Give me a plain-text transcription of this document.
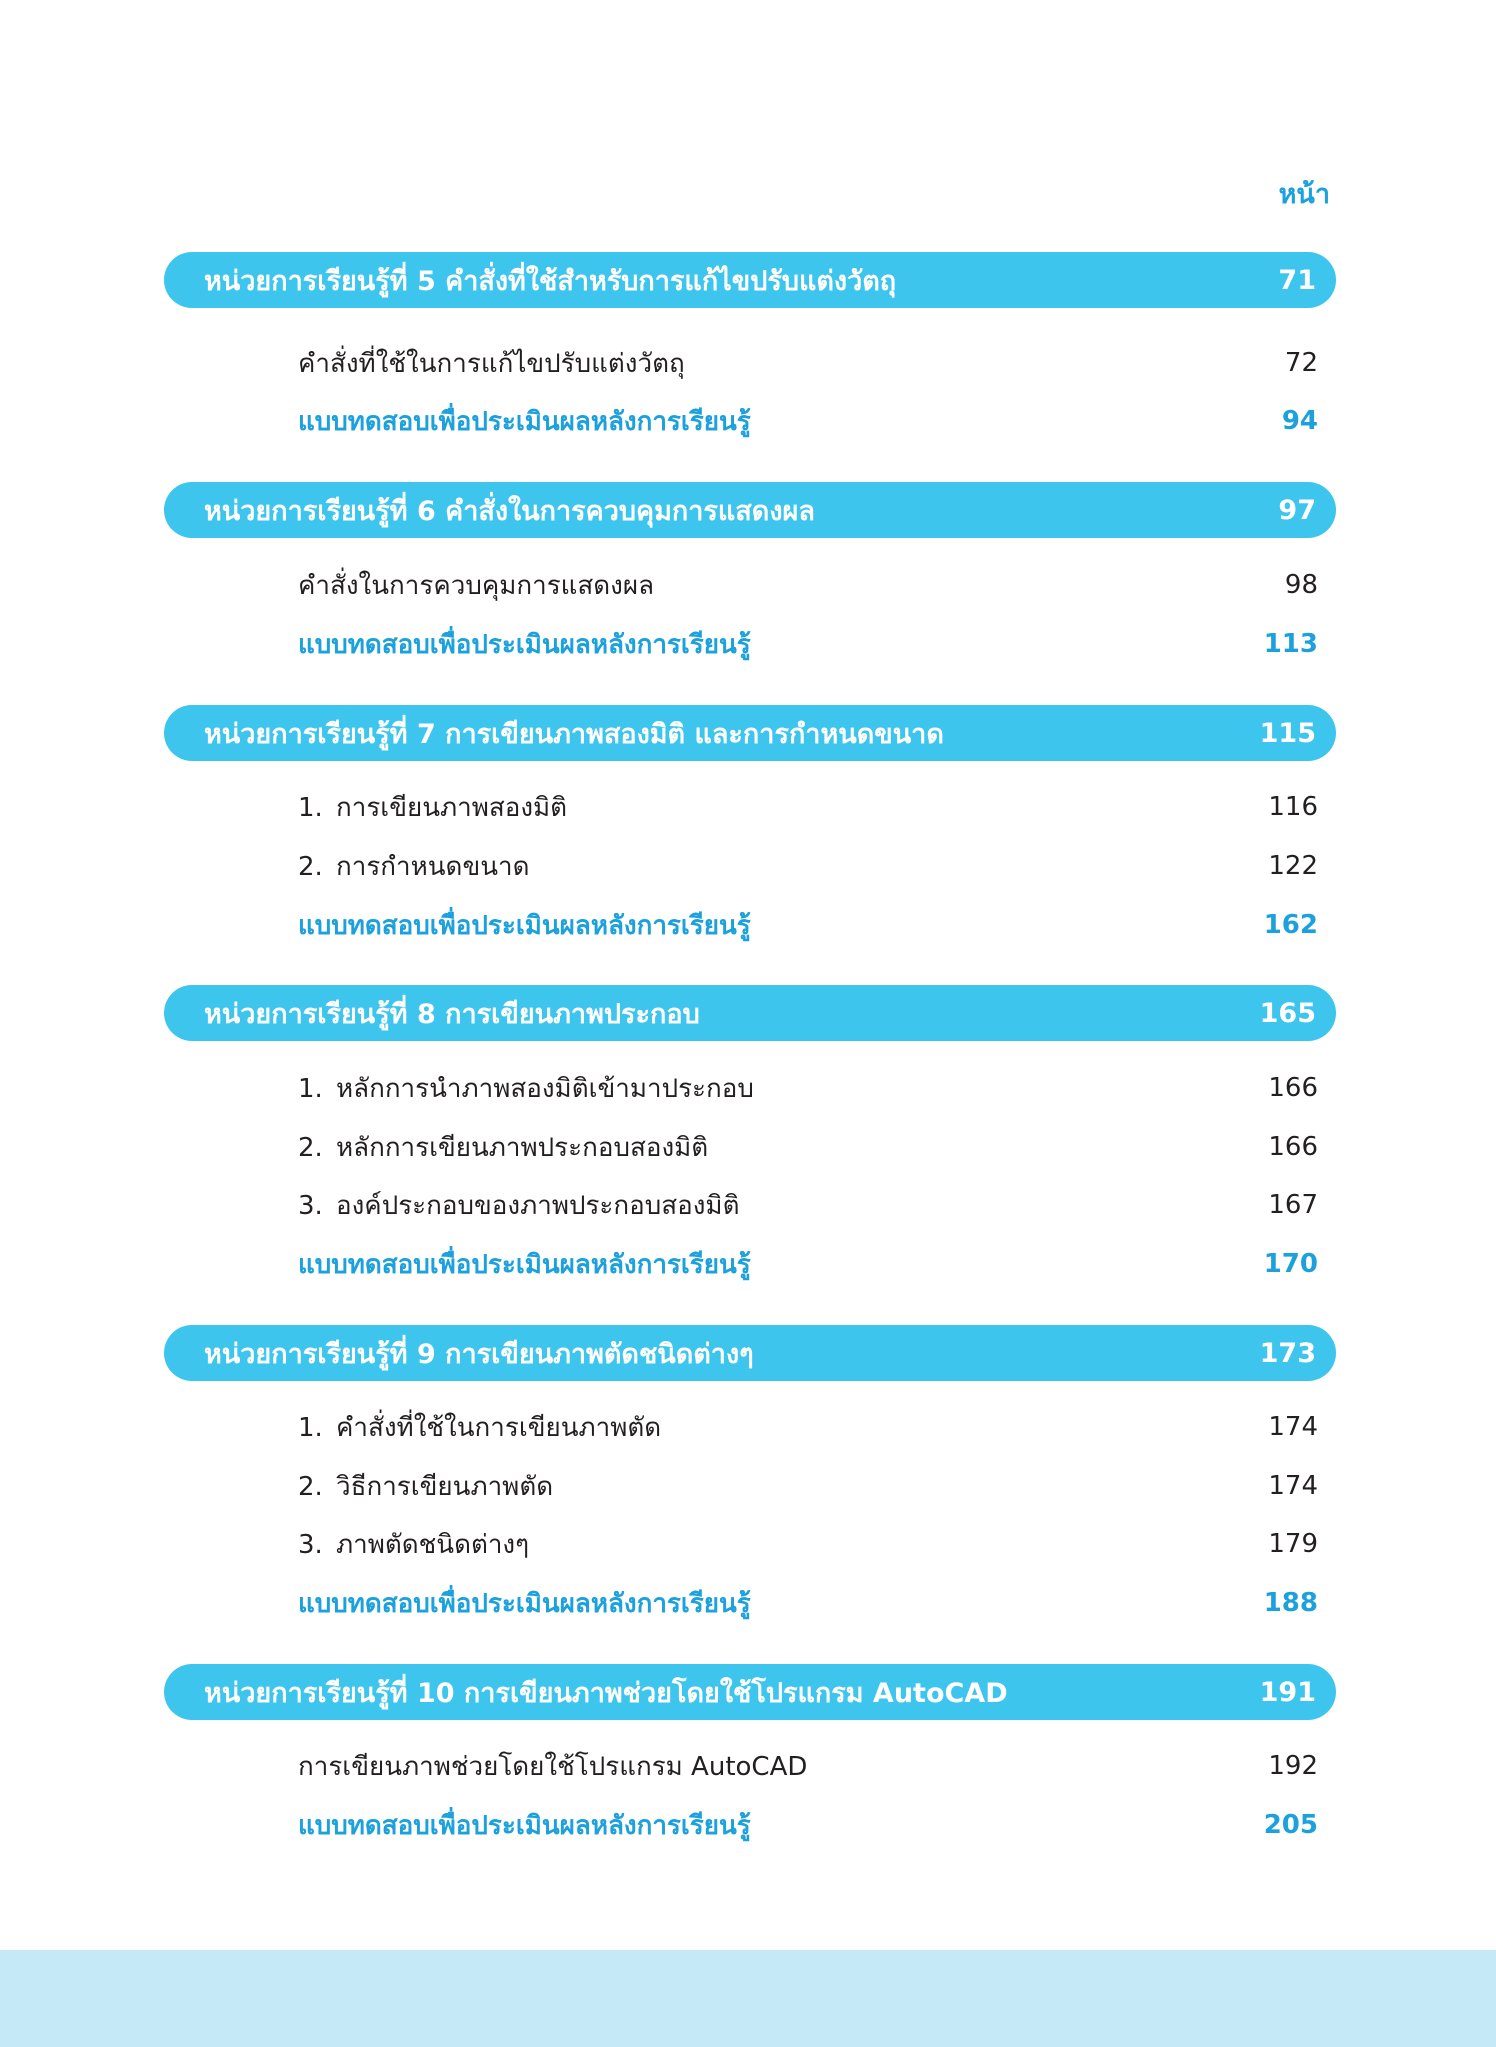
หน้า
หน่วยการเรียนรู้ที่ 5 คำสั่งที่ใช้สำหรับการแก้ไขปรับแต่งวัตถุ	71
คำสั่งที่ใช้ในการแก้ไขปรับแต่งวัตถุ	72
แบบทดสอบเพื่อประเมินผลหลังการเรียนรู้	94
หน่วยการเรียนรู้ที่ 6 คำสั่งในการควบคุมการแสดงผล	97
คำสั่งในการควบคุมการแสดงผล	98
แบบทดสอบเพื่อประเมินผลหลังการเรียนรู้	113
หน่วยการเรียนรู้ที่ 7 การเขียนภาพสองมิติ และการกำหนดขนาด	115
1. การเขียนภาพสองมิติ	116
2. การกำหนดขนาด	122
แบบทดสอบเพื่อประเมินผลหลังการเรียนรู้	162
หน่วยการเรียนรู้ที่ 8 การเขียนภาพประกอบ	165
1. หลักการนำภาพสองมิติเข้ามาประกอบ	166
2. หลักการเขียนภาพประกอบสองมิติ	166
3. องค์ประกอบของภาพประกอบสองมิติ	167
แบบทดสอบเพื่อประเมินผลหลังการเรียนรู้	170
หน่วยการเรียนรู้ที่ 9 การเขียนภาพตัดชนิดต่างๆ	173
1. คำสั่งที่ใช้ในการเขียนภาพตัด	174
2. วิธีการเขียนภาพตัด	174
3. ภาพตัดชนิดต่างๆ	179
แบบทดสอบเพื่อประเมินผลหลังการเรียนรู้	188
หน่วยการเรียนรู้ที่ 10 การเขียนภาพช่วยโดยใช้โปรแกรม AutoCAD	191
การเขียนภาพช่วยโดยใช้โปรแกรม AutoCAD	192
แบบทดสอบเพื่อประเมินผลหลังการเรียนรู้	205
